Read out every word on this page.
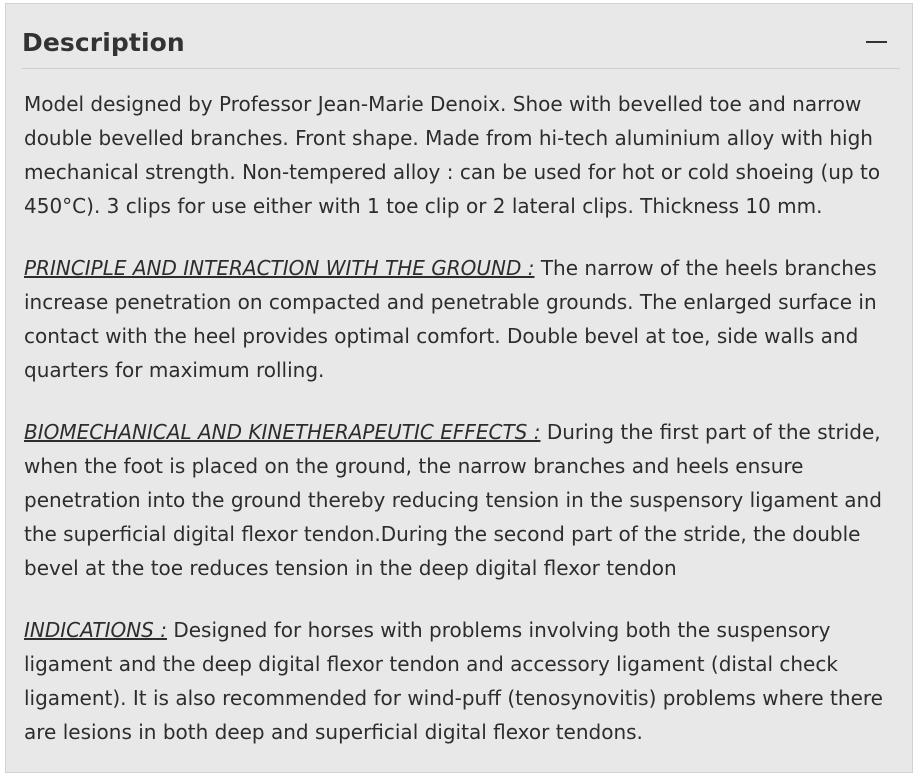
Description

Model designed by Professor Jean-Marie Denoix. Shoe with bevelled toe and narrow double bevelled branches. Front shape. Made from hi-tech aluminium alloy with high mechanical strength. Non-tempered alloy : can be used for hot or cold shoeing (up to 450°C). 3 clips for use either with 1 toe clip or 2 lateral clips. Thickness 10 mm.

PRINCIPLE AND INTERACTION WITH THE GROUND : The narrow of the heels branches increase penetration on compacted and penetrable grounds. The enlarged surface in contact with the heel provides optimal comfort. Double bevel at toe, side walls and quarters for maximum rolling.

BIOMECHANICAL AND KINETHERAPEUTIC EFFECTS : During the first part of the stride, when the foot is placed on the ground, the narrow branches and heels ensure penetration into the ground thereby reducing tension in the suspensory ligament and the superficial digital flexor tendon.During the second part of the stride, the double bevel at the toe reduces tension in the deep digital flexor tendon

INDICATIONS : Designed for horses with problems involving both the suspensory ligament and the deep digital flexor tendon and accessory ligament (distal check ligament). It is also recommended for wind-puff (tenosynovitis) problems where there are lesions in both deep and superficial digital flexor tendons.
